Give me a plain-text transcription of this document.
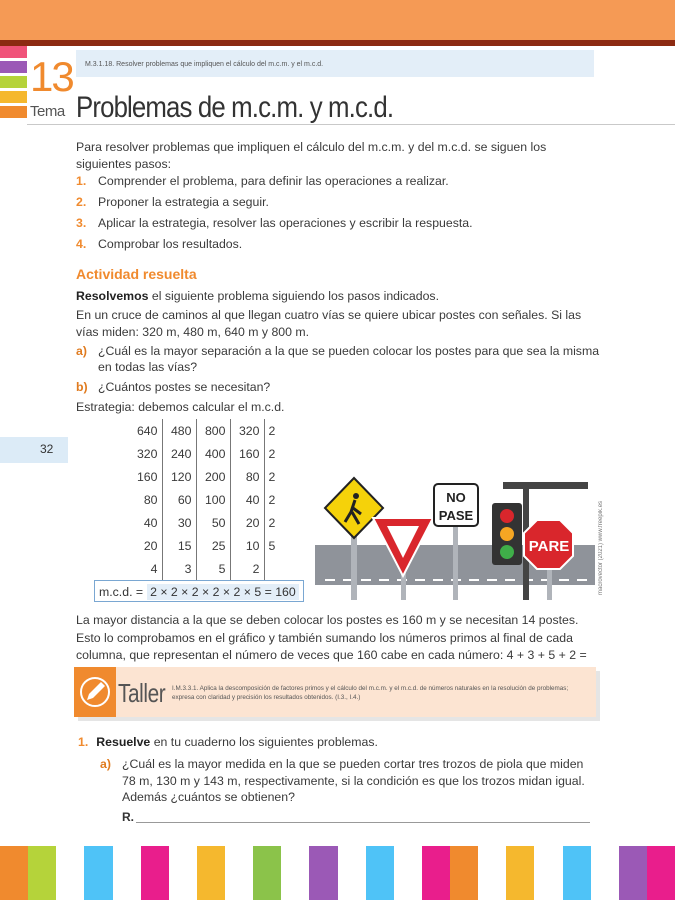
13
Tema
M.3.1.18. Resolver problemas que impliquen el cálculo del m.c.m. y el m.c.d.
Problemas de m.c.m. y m.c.d.
Para resolver problemas que impliquen el cálculo del m.c.m. y del m.c.d. se siguen los siguientes pasos:
1. Comprender el problema, para definir las operaciones a realizar.
2. Proponer la estrategia a seguir.
3. Aplicar la estrategia, resolver las operaciones y escribir la respuesta.
4. Comprobar los resultados.
Actividad resuelta
Resolvemos el siguiente problema siguiendo los pasos indicados.
En un cruce de caminos al que llegan cuatro vías se quiere ubicar postes con señales. Si las vías miden: 320 m, 480 m, 640 m y 800 m.
a) ¿Cuál es la mayor separación a la que se pueden colocar los postes para que sea la misma en todas las vías?
b) ¿Cuántos postes se necesitan?
Estrategia: debemos calcular el m.c.d.
32
640	480	800	320	2
320	240	400	160	2
160	120	200	80	2
80	60	100	40	2
40	30	50	20	2
20	15	25	10	5
4	3	5	2	
m.c.d. = 2 × 2 × 2 × 2 × 2 × 5 = 160
NO
PASE
PARE	macrovector (2021) www.freepik.es
La mayor distancia a la que se deben colocar los postes es 160 m y se necesitan 14 postes. Esto lo comprobamos en el gráfico y también sumando los números primos al final de cada columna, que representan el número de veces que 160 cabe en cada número: 4 + 3 + 5 + 2 =
Taller I.M.3.3.1. Aplica la descomposición de factores primos y el cálculo del m.c.m. y el m.c.d. de números naturales en la resolución de problemas; expresa con claridad y precisión los resultados obtenidos. (I.3., I.4.)
1. Resuelve en tu cuaderno los siguientes problemas.
a) ¿Cuál es la mayor medida en la que se pueden cortar tres trozos de piola que miden 78 m, 130 m y 143 m, respectivamente, si la condición es que los trozos midan igual. Además ¿cuántos se obtienen?
R.
